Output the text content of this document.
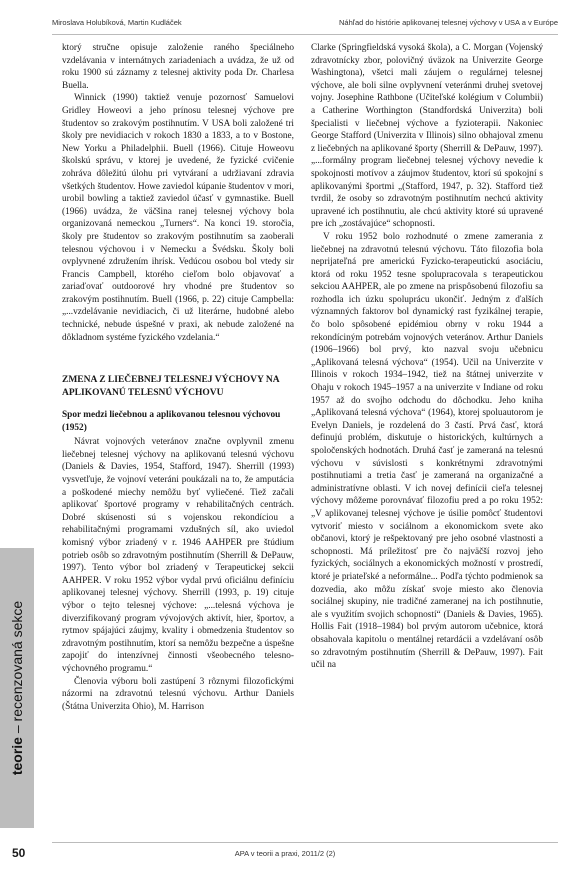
Miroslava Holubíková, Martin Kudláček	Náhľad do histórie aplikovanej telesnej výchovy v USA a v Európe

ktorý stručne opisuje založenie raného špeciálneho vzdelávania v internátnych zariadeniach a uvádza, že už od roku 1900 sú záznamy z telesnej aktivity poda Dr. Charlesa Buella.

Winnick (1990) taktiež venuje pozornosť Samuelovi Gridley Howeovi a jeho prínosu telesnej výchove pre študentov so zrakovým postihnutím. V USA boli založené tri školy pre nevidiacich v rokoch 1830 a 1833, a to v Bostone, New Yorku a Philadelphii. Buell (1966). Cituje Howeovu školskú správu, v ktorej je uvedené, že fyzické cvičenie zohráva dôležitú úlohu pri vytváraní a udržiavaní zdravia všetkých študentov. Howe zaviedol kúpanie študentov v mori, urobil bowling a taktiež zaviedol účasť v gymnastike. Buell (1966) uvádza, že väčšina ranej telesnej výchovy bola organizovaná nemeckou „Turners“. Na konci 19. storočia, školy pre študentov so zrakovým postihnutím sa zaoberali telesnou výchovou i v Nemecku a Švédsku. Školy boli ovplyvnené združením ihrísk. Vedúcou osobou bol vtedy sir Francis Campbell, ktorého cieľom bolo objavovať a zariaďovať outdoorové hry vhodné pre študentov so zrakovým postihnutím. Buell (1966, p. 22) cituje Campbella: „...vzdelávanie nevidiacich, či už literárne, hudobné alebo technické, nebude úspešné v praxi, ak nebude založené na dôkladnom systéme fyzického vzdelania.“

ZMENA Z LIEČEBNEJ TELESNEJ VÝCHOVY NA APLIKOVANÚ TELESNÚ VÝCHOVU
Spor medzi liečebnou a aplikovanou telesnou výchovou (1952)

Návrat vojnových veteránov značne ovplyvnil zmenu liečebnej telesnej výchovy na aplikovanú telesnú výchovu (Daniels & Davies, 1954, Stafford, 1947). Sherrill (1993) vysvetľuje, že vojnoví veteráni poukázali na to, že amputácia a poškodené miechy nemôžu byť vyliečené. Tiež začali aplikovať športové programy v rehabilitačných centrách. Dobré skúsenosti sú s vojenskou rekondíciou a rehabilitačnými programami vzdušných síl, ako uviedol komisný výbor zriadený v r. 1946 AAHPER pre štúdium potrieb osôb so zdravotným postihnutím (Sherrill & DePauw, 1997). Tento výbor bol zriadený v Terapeutickej sekcii AAHPER. V roku 1952 výbor vydal prvú oficiálnu definíciu aplikovanej telesnej výchovy. Sherrill (1993, p. 19) cituje výbor o tejto telesnej výchove: „...telesná výchova je diverzifikovaný program vývojových aktivít, hier, športov, a rytmov spájajúci záujmy, kvality i obmedzenia študentov so zdravotným postihnutím, ktorí sa nemôžu bezpečne a úspešne zapojiť do intenzívnej činnosti všeobecného telesno-výchovného programu.“

Členovia výboru boli zastúpení 3 rôznymi filozofickými názormi na zdravotnú telesnú výchovu. Arthur Daniels (Štátna Univerzita Ohio), M. Harrison

Clarke (Springfieldská vysoká škola), a C. Morgan (Vojenský zdravotnícky zbor, polovičný úväzok na Univerzite George Washingtona), všetci mali záujem o regulárnej telesnej výchove, ale boli silne ovplyvnení veteránmi druhej svetovej vojny. Josephine Rathbone (Učiteľské kolégium v Columbii) a Catherine Worthington (Standfordská Univerzita) boli špecialisti v liečebnej výchove a fyzioterapii. Nakoniec George Stafford (Univerzita v Illinois) silno obhajoval zmenu z liečebných na aplikované športy (Sherrill & DePauw, 1997). „...formálny program liečebnej telesnej výchovy nevedie k spokojnosti motívov a záujmov študentov, ktorí sú spokojní s aplikovanými športmi „(Stafford, 1947, p. 32). Stafford tiež tvrdil, že osoby so zdravotným postihnutím nechcú aktivity upravené ich postihnutiu, ale chcú aktivity ktoré sú upravené pre ich „zostávajúce“ schopnosti.

V roku 1952 bolo rozhodnuté o zmene zamerania z liečebnej na zdravotnú telesnú výchovu. Táto filozofia bola neprijateľná pre americkú Fyzicko-terapeutickú asociáciu, ktorá od roku 1952 tesne spolupracovala s terapeutickou sekciou AAHPER, ale po zmene na prispôsobenú filozofiu sa rozhodla ich úzku spoluprácu ukončiť. Jedným z ďalších významných faktorov bol dynamický rast fyzikálnej terapie, čo bolo spôsobené epidémiou obrny v roku 1944 a rekondíciným potrebám vojnových veteránov. Arthur Daniels (1906–1966) bol prvý, kto nazval svoju učebnicu „Aplikovaná telesná výchova“ (1954). Učil na Univerzite v Illinois v rokoch 1934–1942, tiež na štátnej univerzite v Ohaju v rokoch 1945–1957 a na univerzite v Indiane od roku 1957 až do svojho odchodu do dôchodku. Jeho kniha „Aplikovaná telesná výchova“ (1964), ktorej spoluautorom je Evelyn Daniels, je rozdelená do 3 častí. Prvá časť, ktorá definujú problém, diskutuje o historických, kultúrnych a spoločenských hodnotách. Druhá časť je zameraná na telesnú výchovu v súvislosti s konkrétnymi zdravotnými postihnutiami a tretia časť je zameraná na organizačné a administratívne oblasti. V ich novej definícii cieľa telesnej výchovy môžeme porovnávať filozofiu pred a po roku 1952: „V aplikovanej telesnej výchove je úsilie pomôcť študentovi vytvoriť miesto v sociálnom a ekonomickom svete ako občanovi, ktorý je rešpektovaný pre jeho osobné vlastnosti a schopnosti. Má príležitosť pre čo najväčší rozvoj jeho fyzických, sociálnych a ekonomických možností v prostredí, ktoré je priateľské a neformálne... Podľa týchto podmienok sa dozvedia, ako môžu získať svoje miesto ako členovia sociálnej skupiny, nie tradičné zameranej na ich postihnutie, ale s využitím svojich schopností“ (Daniels & Davies, 1965). Hollis Fait (1918–1984) bol prvým autorom učebnice, ktorá obsahovala kapitolu o mentálnej retardácii a vzdelávaní osôb so zdravotným postihnutím (Sherrill & DePauw, 1997). Fait učil na

teorie – recenzovaná sekce
50	APA v teorii a praxi, 2011/2 (2)
